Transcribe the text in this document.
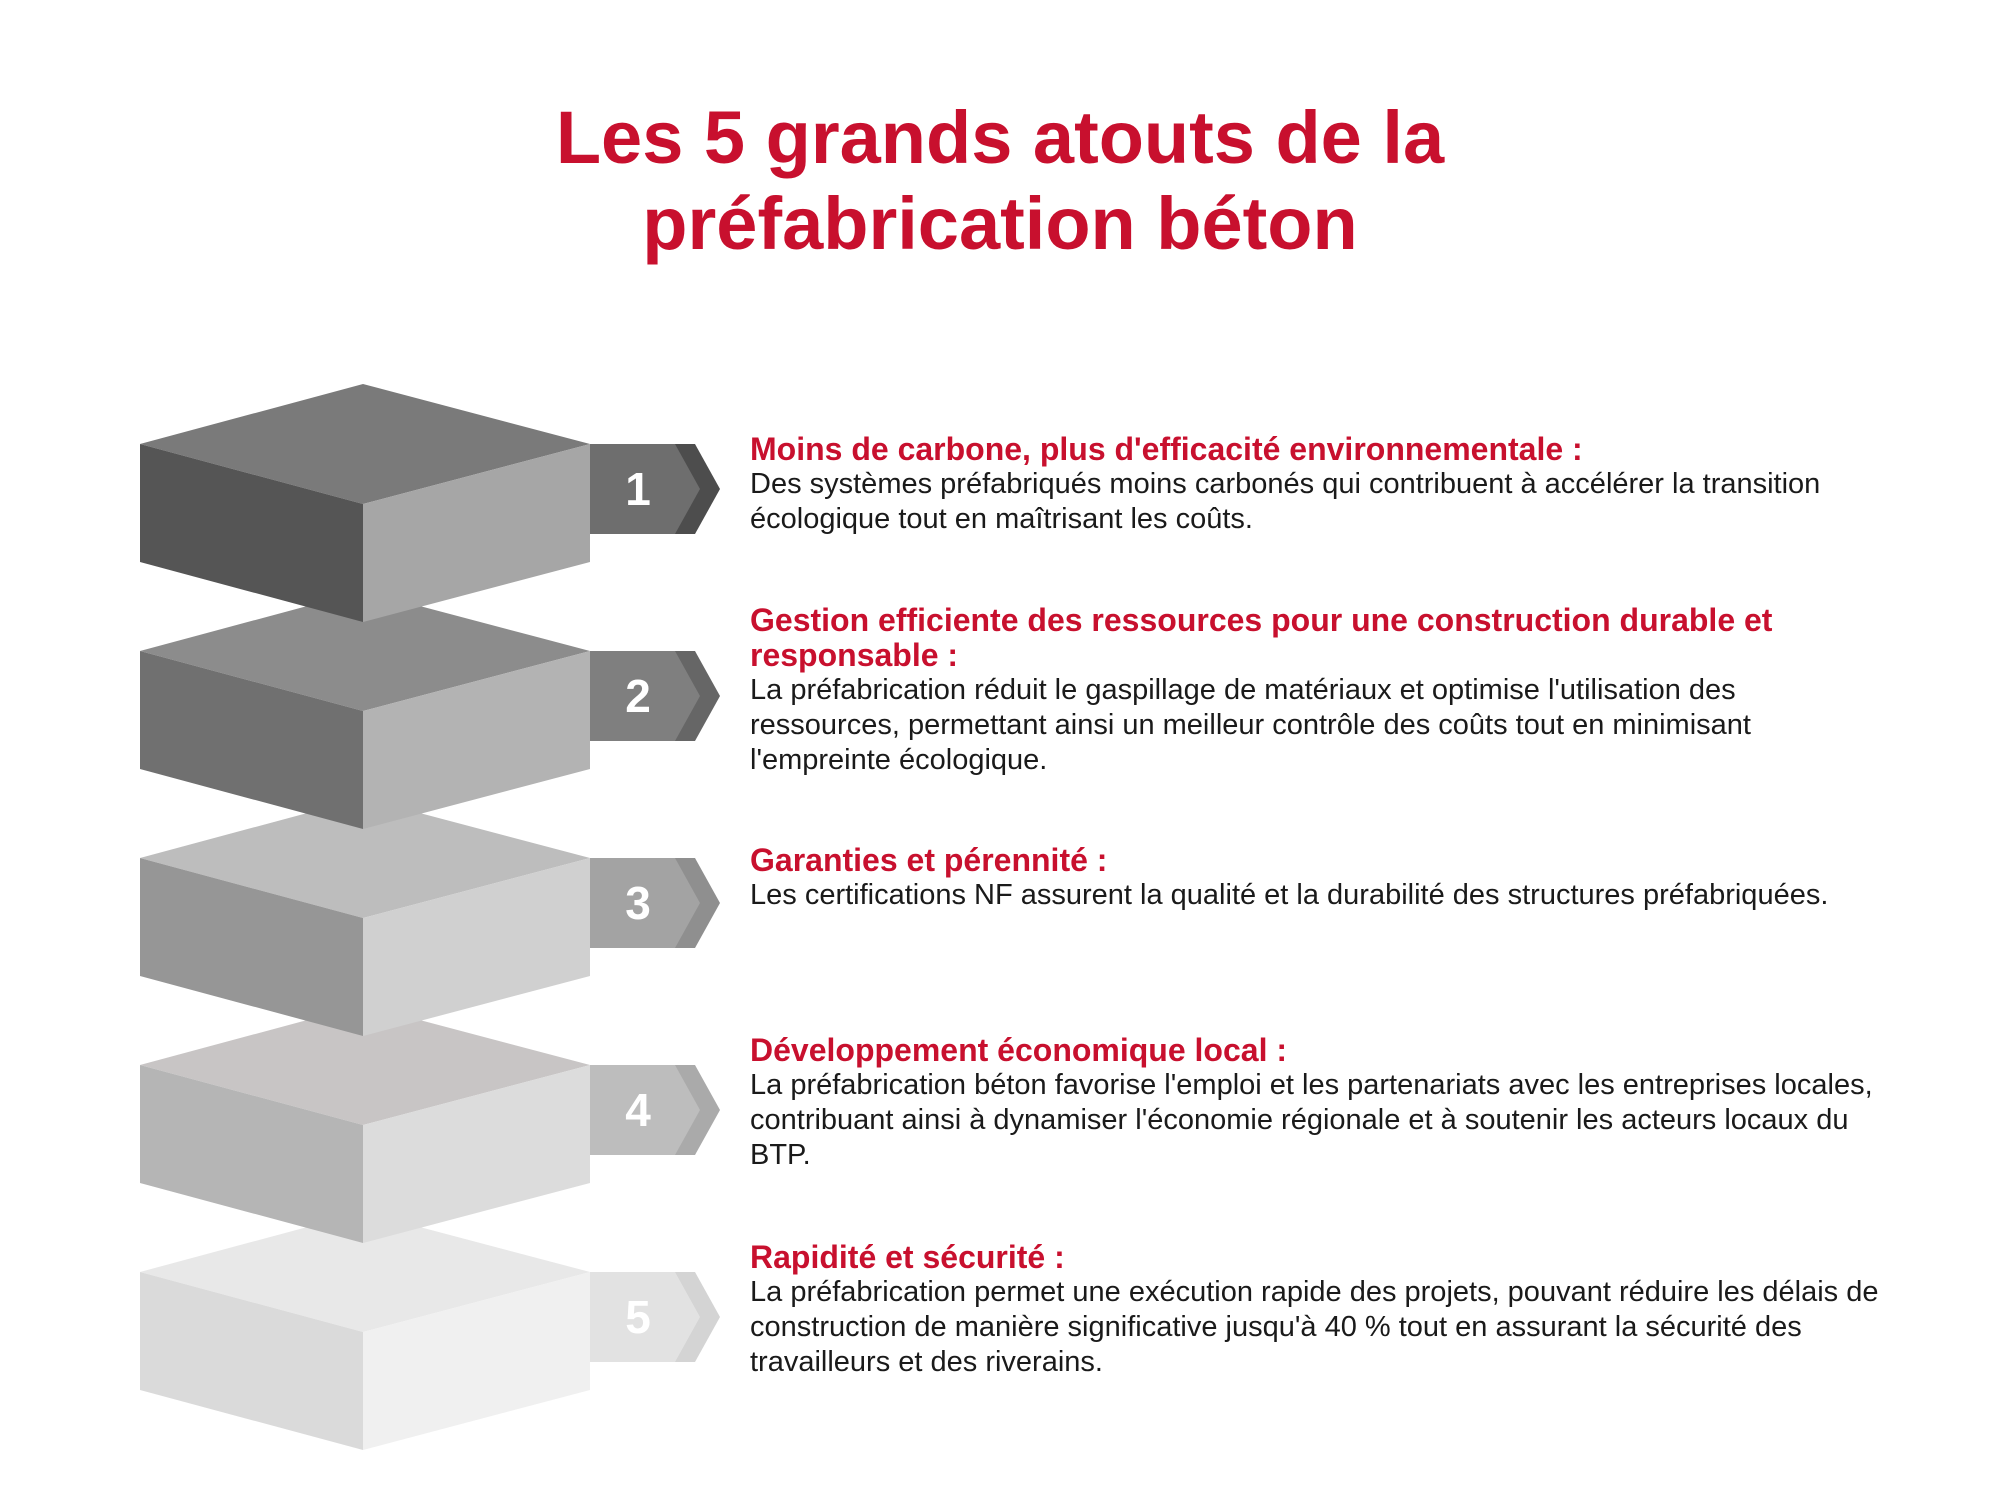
Les 5 grands atouts de la
préfabrication béton
5
4
3
2
1
Moins de carbone, plus d'efficacité environnementale :
Des systèmes préfabriqués moins carbonés qui contribuent à accélérer la transition écologique tout en maîtrisant les coûts.
Gestion efficiente des ressources pour une construction durable et responsable :
La préfabrication réduit le gaspillage de matériaux et optimise l'utilisation des ressources, permettant ainsi un meilleur contrôle des coûts tout en minimisant l'empreinte écologique.
Garanties et pérennité :
Les certifications NF assurent la qualité et la durabilité des structures préfabriquées.
Développement économique local :
La préfabrication béton favorise l'emploi et les partenariats avec les entreprises locales, contribuant ainsi à dynamiser l'économie régionale et à soutenir les acteurs locaux du BTP.
Rapidité et sécurité :
La préfabrication permet une exécution rapide des projets, pouvant réduire les délais de construction de manière significative jusqu'à 40 % tout en assurant la sécurité des travailleurs et des riverains.
